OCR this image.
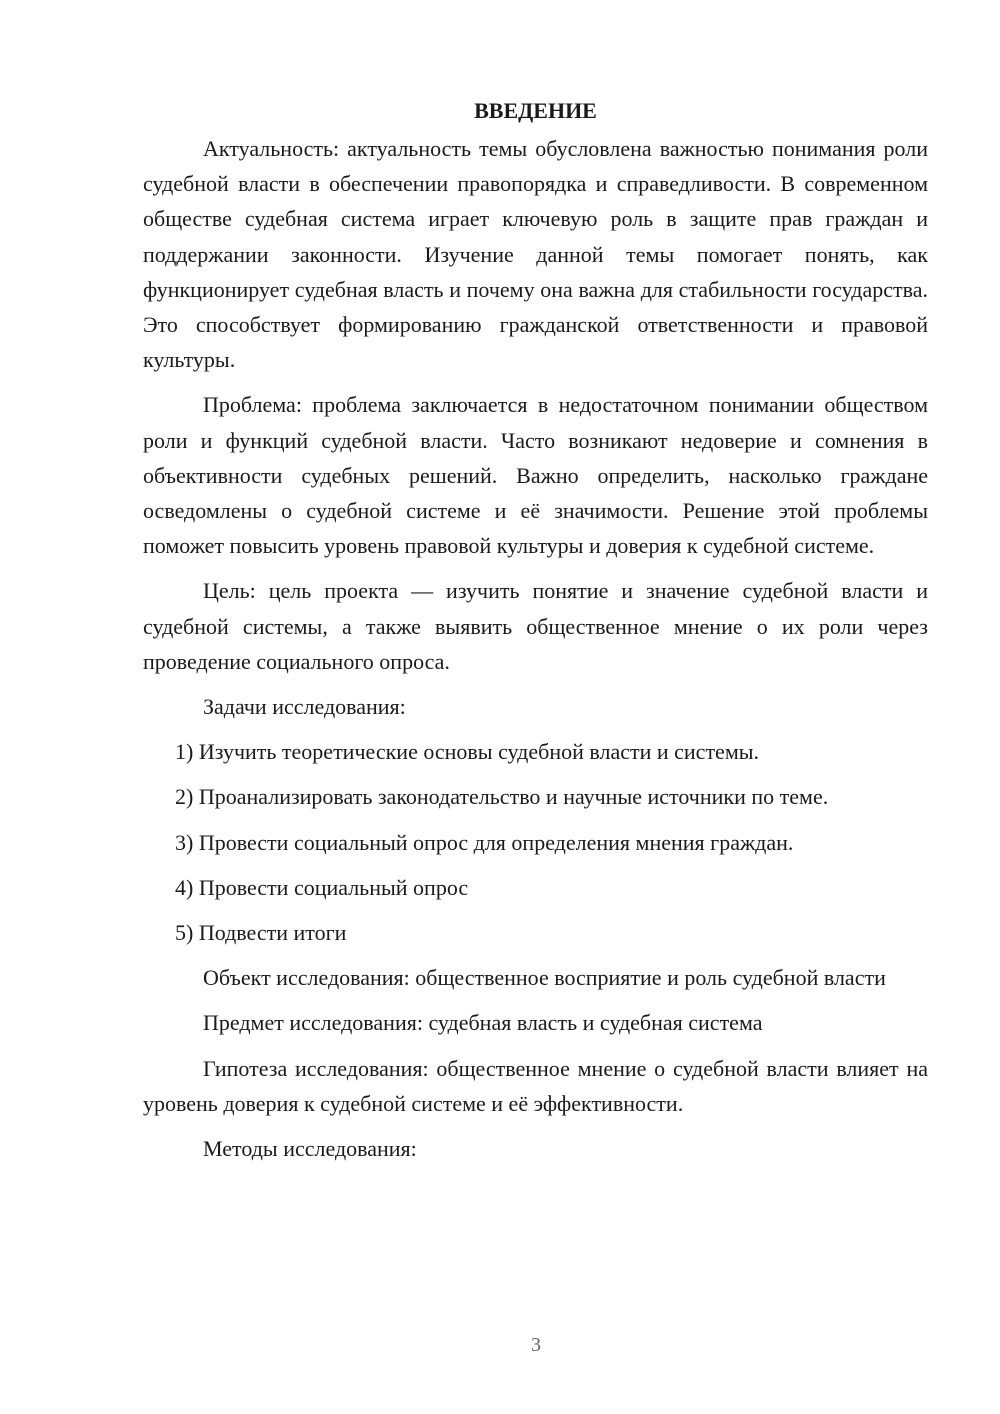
ВВЕДЕНИЕ

Актуальность: актуальность темы обусловлена важностью понимания роли судебной власти в обеспечении правопорядка и справедливости. В современном обществе судебная система играет ключевую роль в защите прав граждан и поддержании законности. Изучение данной темы помогает понять, как функционирует судебная власть и почему она важна для стабильности государства. Это способствует формированию гражданской ответственности и правовой культуры.

Проблема: проблема заключается в недостаточном понимании обществом роли и функций судебной власти. Часто возникают недоверие и сомнения в объективности судебных решений. Важно определить, насколько граждане осведомлены о судебной системе и её значимости. Решение этой проблемы поможет повысить уровень правовой культуры и доверия к судебной системе.

Цель: цель проекта — изучить понятие и значение судебной власти и судебной системы, а также выявить общественное мнение о их роли через проведение социального опроса.

Задачи исследования:

1) Изучить теоретические основы судебной власти и системы.
2) Проанализировать законодательство и научные источники по теме.
3) Провести социальный опрос для определения мнения граждан.
4) Провести социальный опрос
5) Подвести итоги

Объект исследования: общественное восприятие и роль судебной власти

Предмет исследования: судебная власть и судебная система

Гипотеза исследования: общественное мнение о судебной власти влияет на уровень доверия к судебной системе и её эффективности.

Методы исследования:

3
